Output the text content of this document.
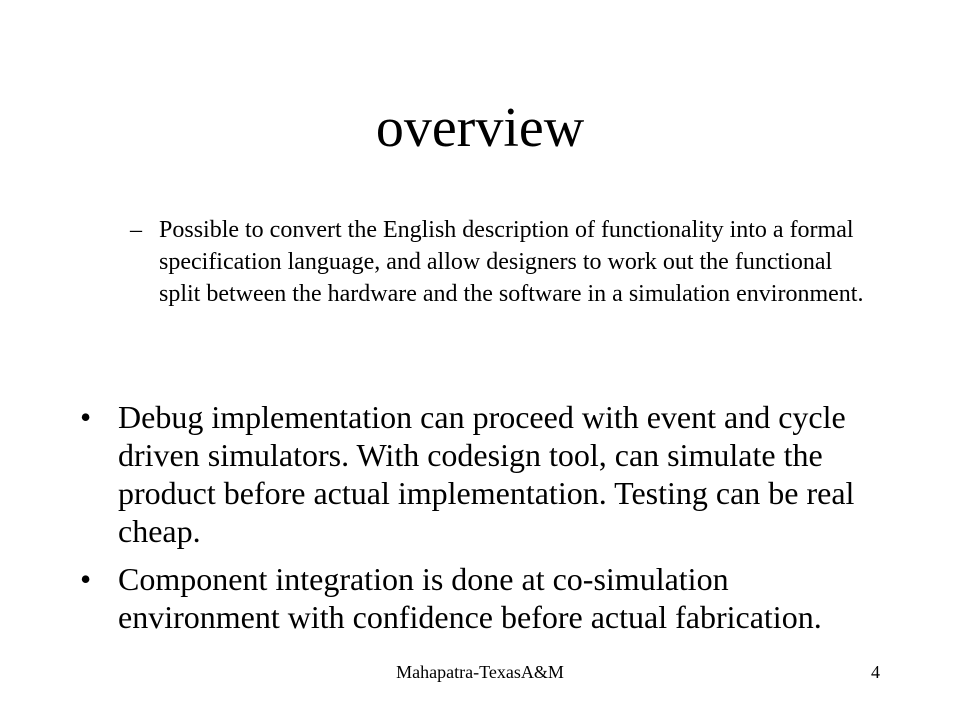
overview
– Possible to convert the English description of functionality into a formal specification language, and allow designers to work out the functional split between the hardware and the software in a simulation environment.
• Debug implementation can proceed with event and cycle driven simulators. With codesign tool, can simulate the product before actual implementation. Testing can be real cheap.
• Component integration is done at co-simulation environment with confidence before actual fabrication.
Mahapatra-TexasA&M	4
